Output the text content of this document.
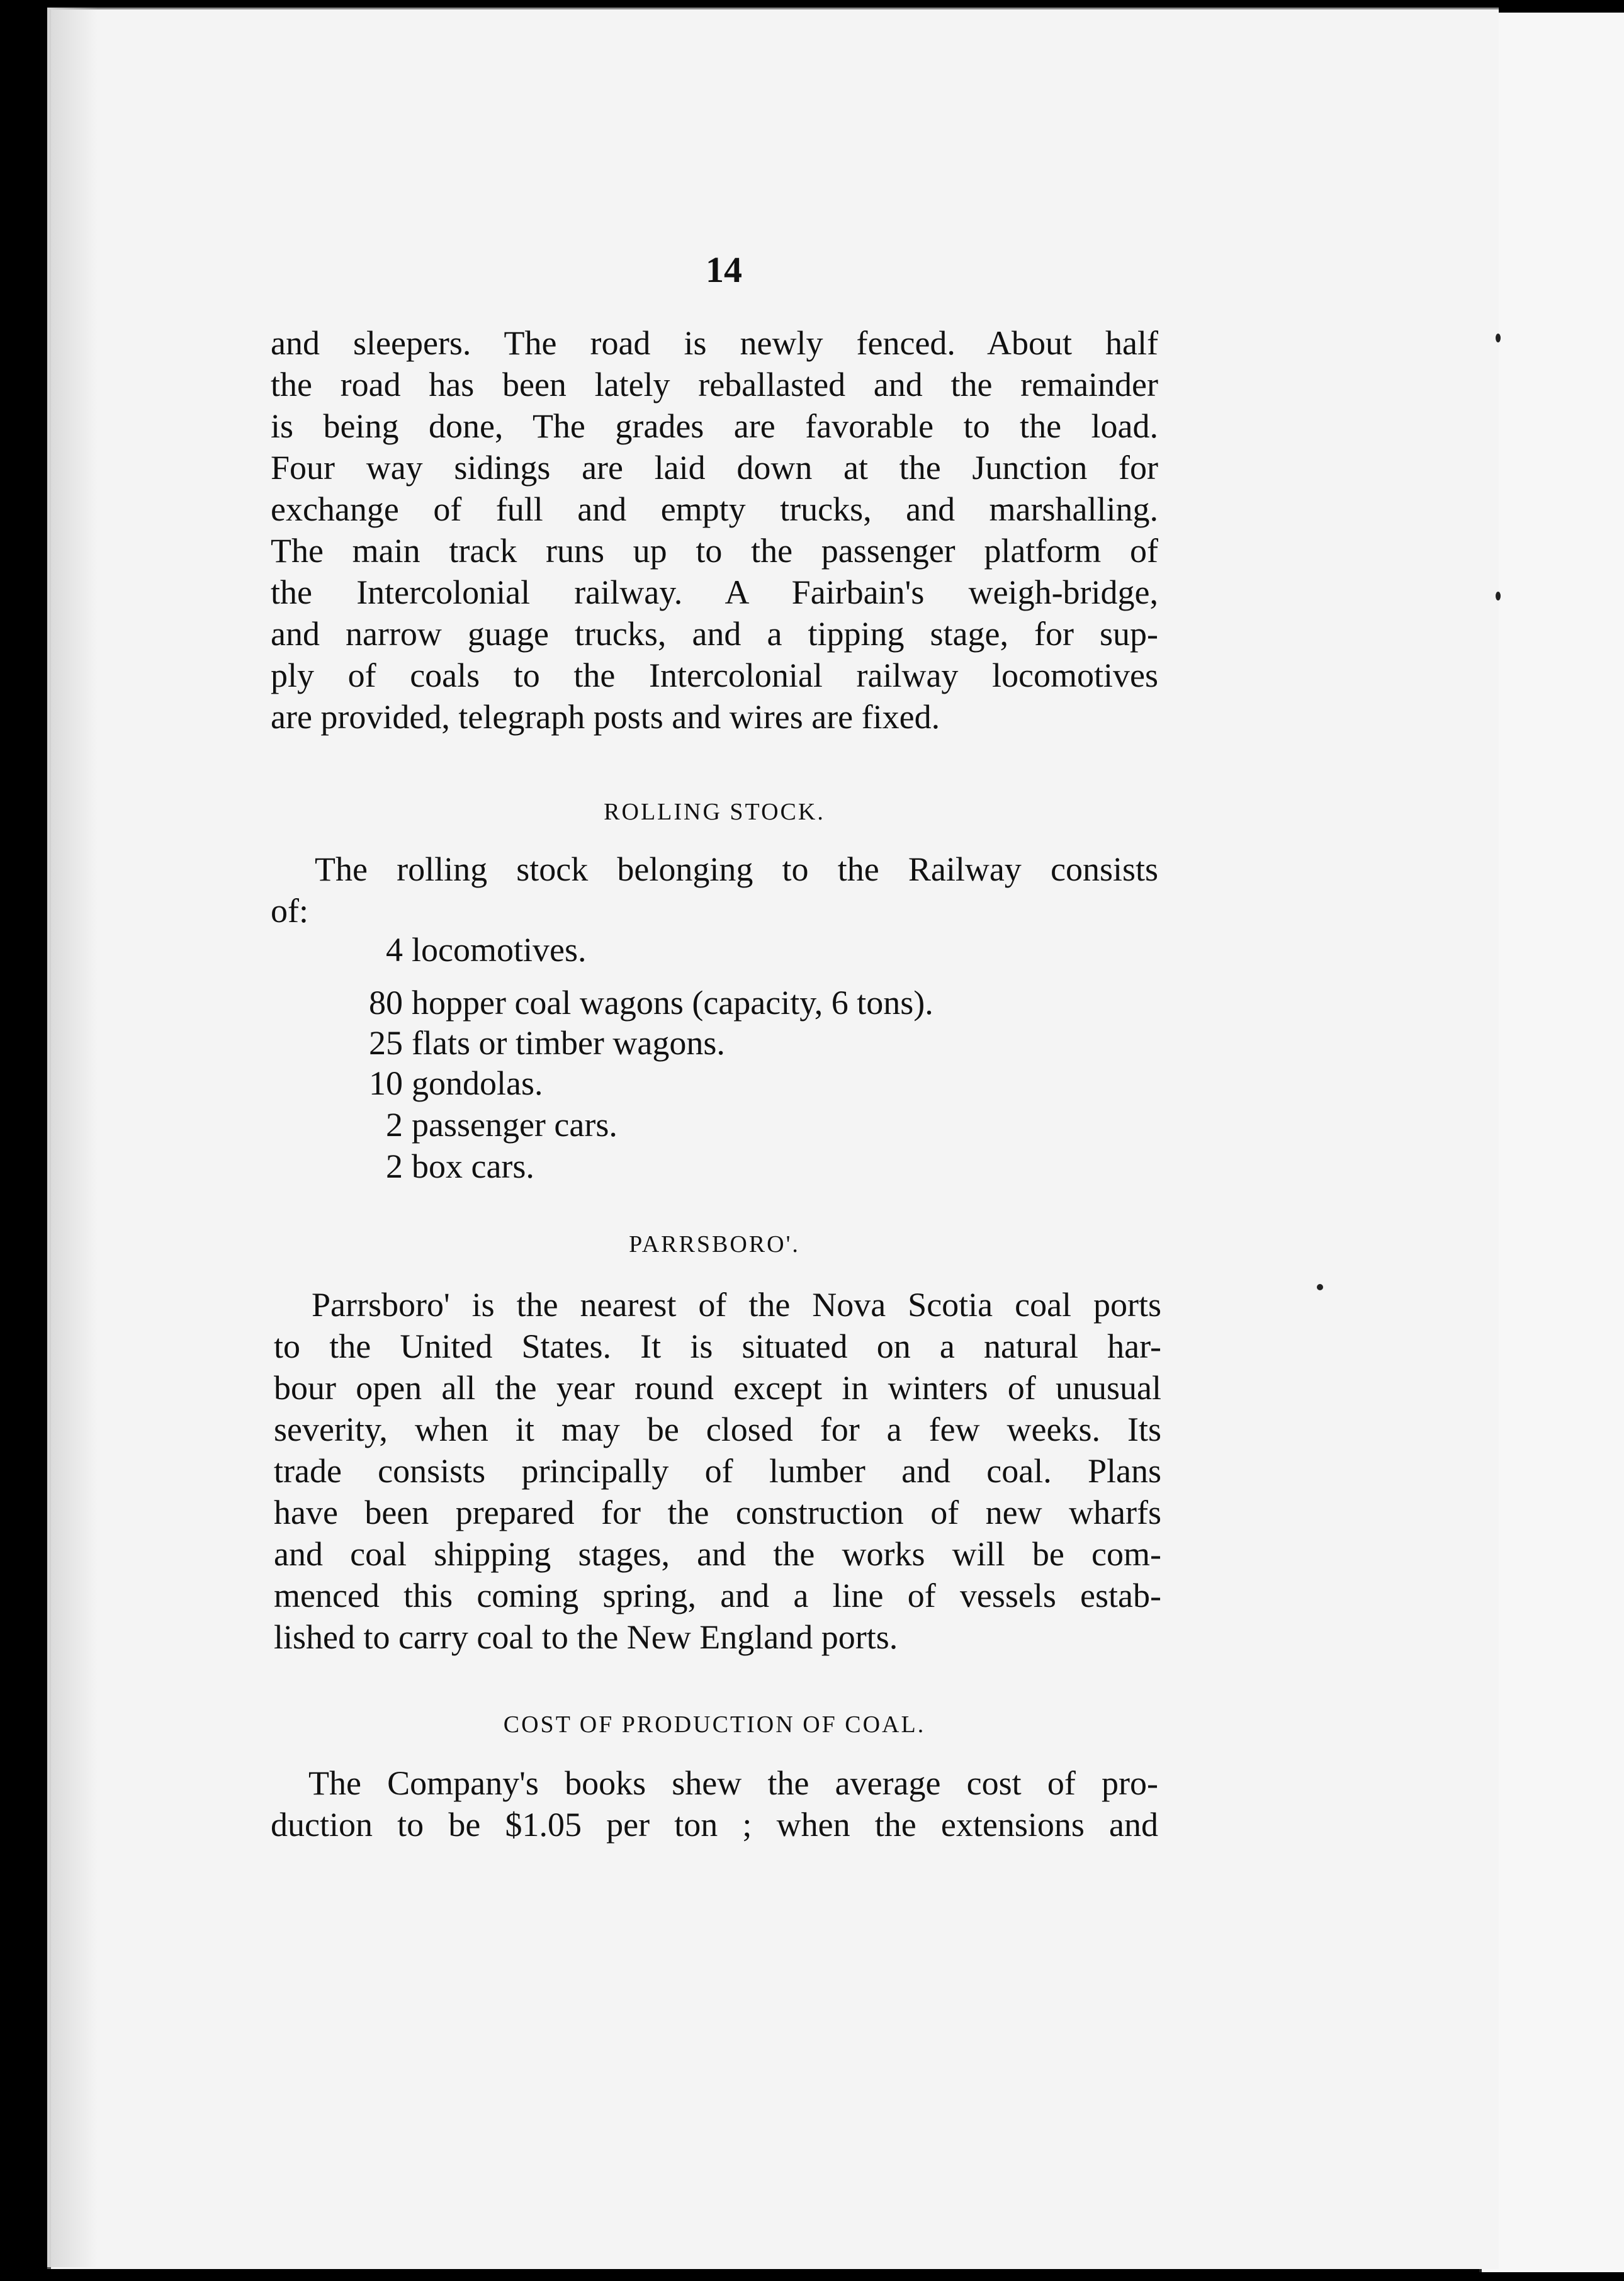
14
and sleepers. The road is newly fenced. About half
the road has been lately reballasted and the remainder
is being done, The grades are favorable to the load.
Four way sidings are laid down at the Junction for
exchange of full and empty trucks, and marshalling.
The main track runs up to the passenger platform of
the Intercolonial railway. A Fairbain's weigh-bridge,
and narrow guage trucks, and a tipping stage, for sup-
ply of coals to the Intercolonial railway locomotives
are provided, telegraph posts and wires are fixed.
ROLLING STOCK.
The rolling stock belonging to the Railway consists
of:
4 locomotives.
80 hopper coal wagons (capacity, 6 tons).
25 flats or timber wagons.
10 gondolas.
2 passenger cars.
2 box cars.
PARRSBORO'.
Parrsboro' is the nearest of the Nova Scotia coal ports
to the United States. It is situated on a natural har-
bour open all the year round except in winters of unusual
severity, when it may be closed for a few weeks. Its
trade consists principally of lumber and coal. Plans
have been prepared for the construction of new wharfs
and coal shipping stages, and the works will be com-
menced this coming spring, and a line of vessels estab-
lished to carry coal to the New England ports.
COST OF PRODUCTION OF COAL.
The Company's books shew the average cost of pro-
duction to be $1.05 per ton ; when the extensions and
